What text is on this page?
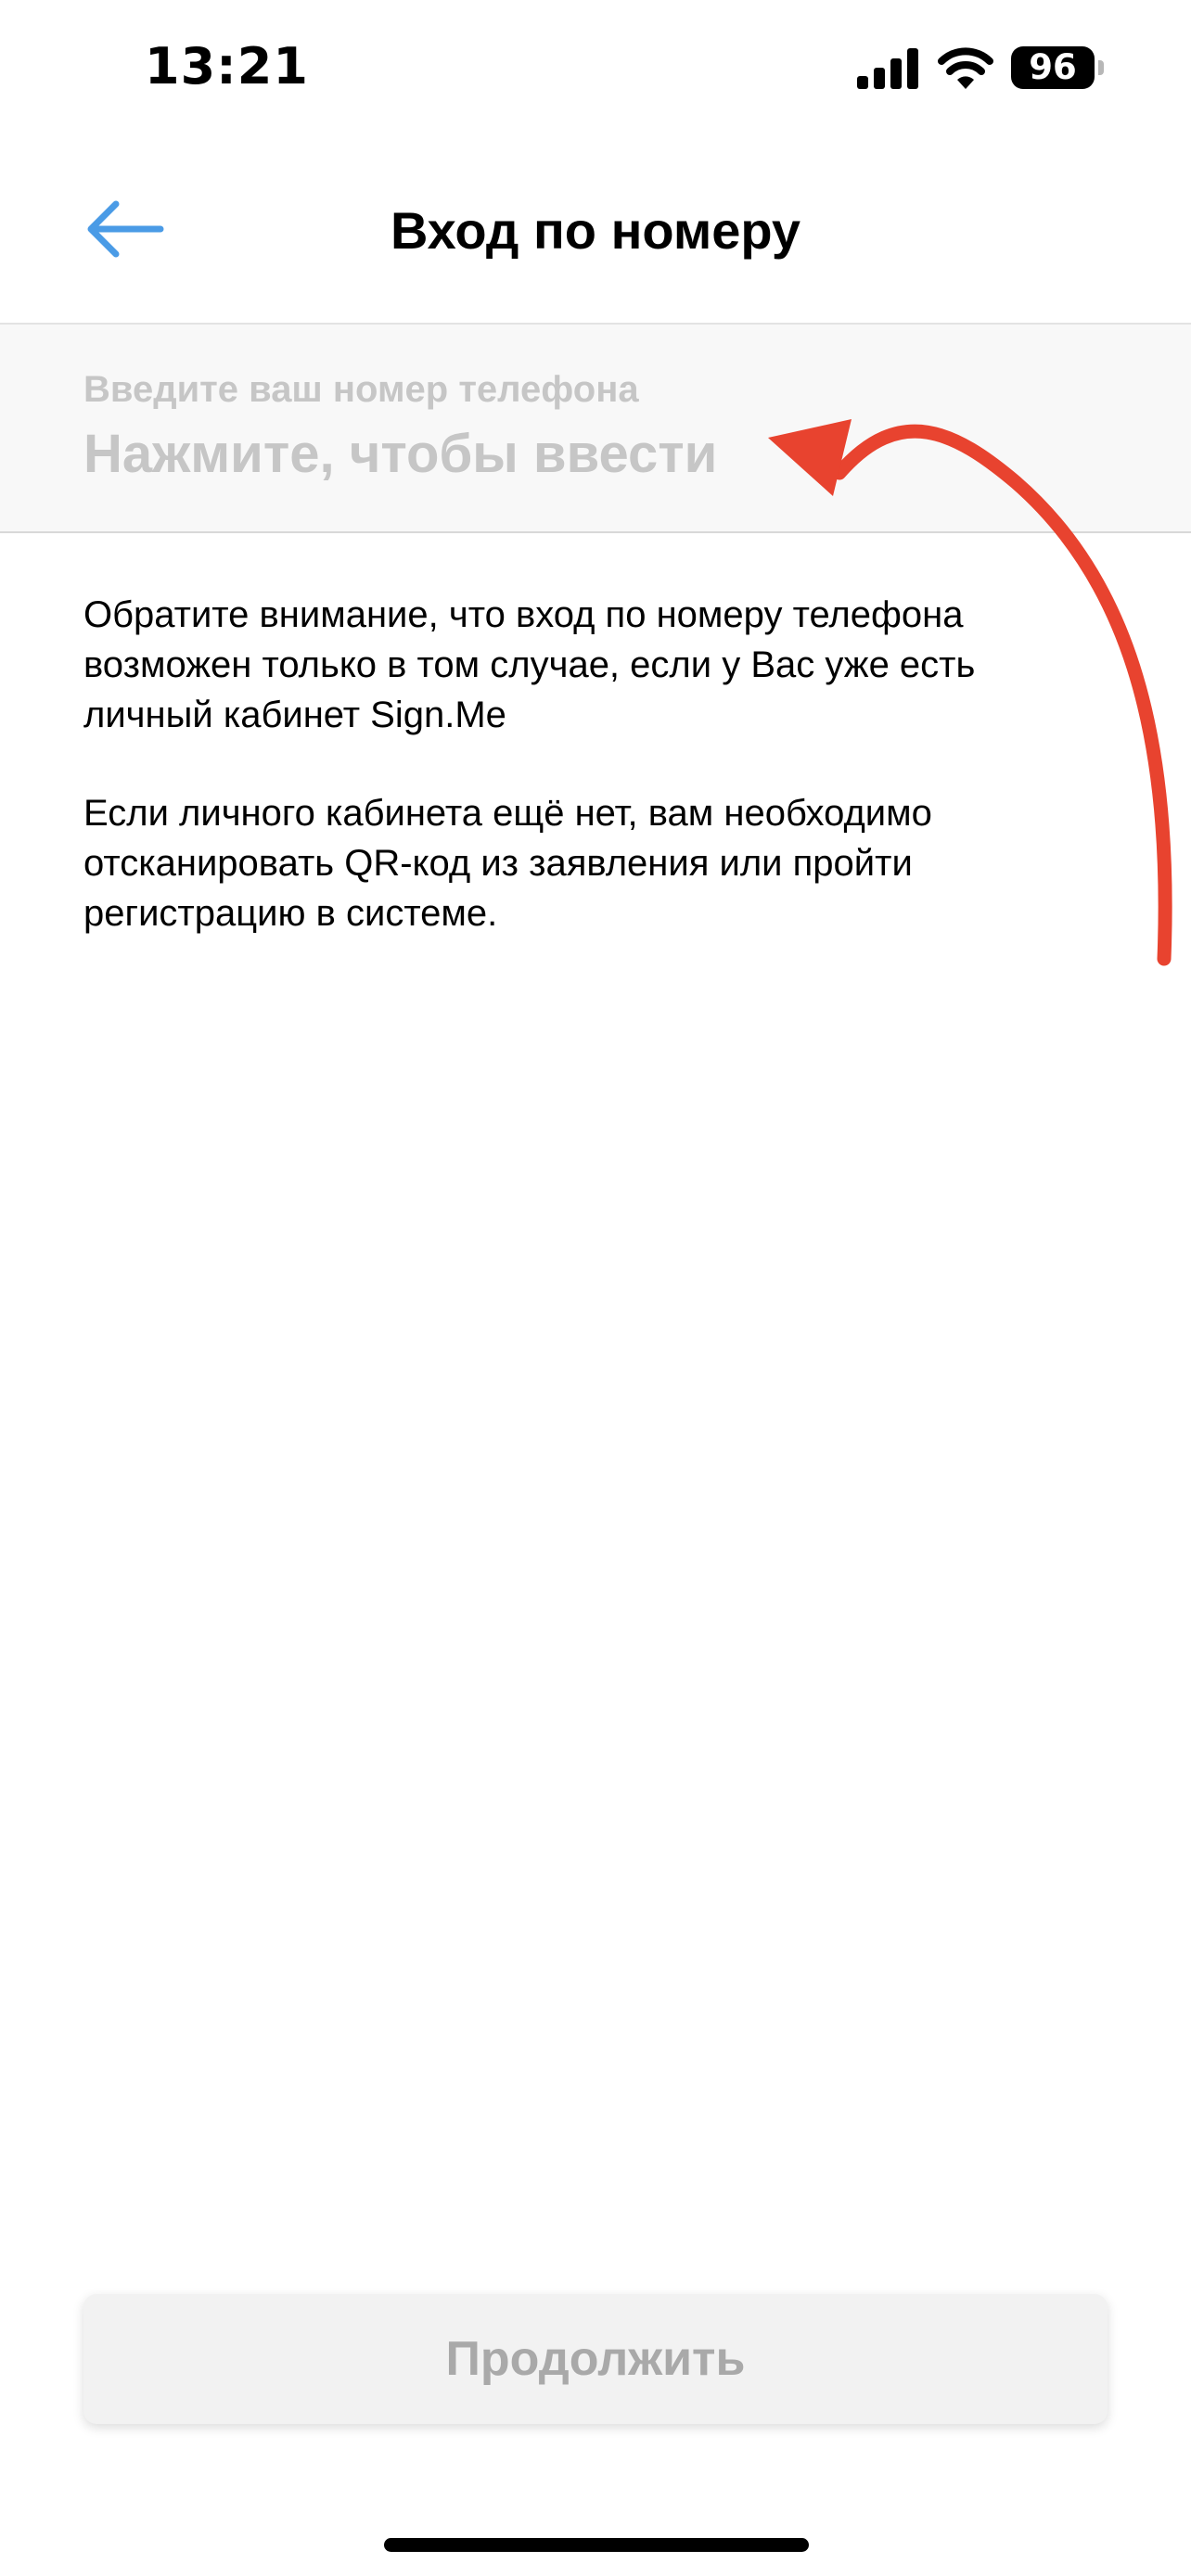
13:21	96
Вход по номеру
Введите ваш номер телефона
Нажмите, чтобы ввести

Обратите внимание, что вход по номеру телефона возможен только в том случае, если у Вас уже есть личный кабинет Sign.Me

Если личного кабинета ещё нет, вам необходимо отсканировать QR-код из заявления или пройти регистрацию в системе.

Продолжить
